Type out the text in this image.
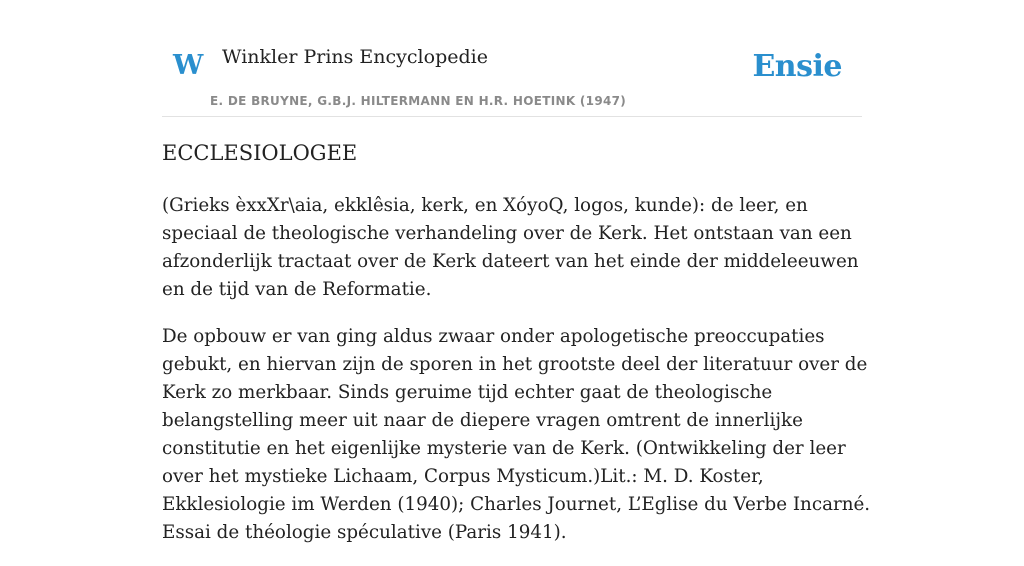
W Winkler Prins Encyclopedie
E. DE BRUYNE, G.B.J. HILTERMANN EN H.R. HOETINK (1947)
Ensie
ECCLESIOLOGEE

(Grieks èxxXr\aia, ekklêsia, kerk, en XóyoQ, logos, kunde): de leer, en speciaal de theologische verhandeling over de Kerk. Het ontstaan van een afzonderlijk tractaat over de Kerk dateert van het einde der middeleeuwen en de tijd van de Reformatie.

De opbouw er van ging aldus zwaar onder apologetische preoccupaties gebukt, en hiervan zijn de sporen in het grootste deel der literatuur over de Kerk zo merkbaar. Sinds geruime tijd echter gaat de theologische belangstelling meer uit naar de diepere vragen omtrent de innerlijke constitutie en het eigenlijke mysterie van de Kerk. (Ontwikkeling der leer over het mystieke Lichaam, Corpus Mysticum.)Lit.: M. D. Koster, Ekklesiologie im Werden (1940); Charles Journet, L’Eglise du Verbe Incarné. Essai de théologie spéculative (Paris 1941).
